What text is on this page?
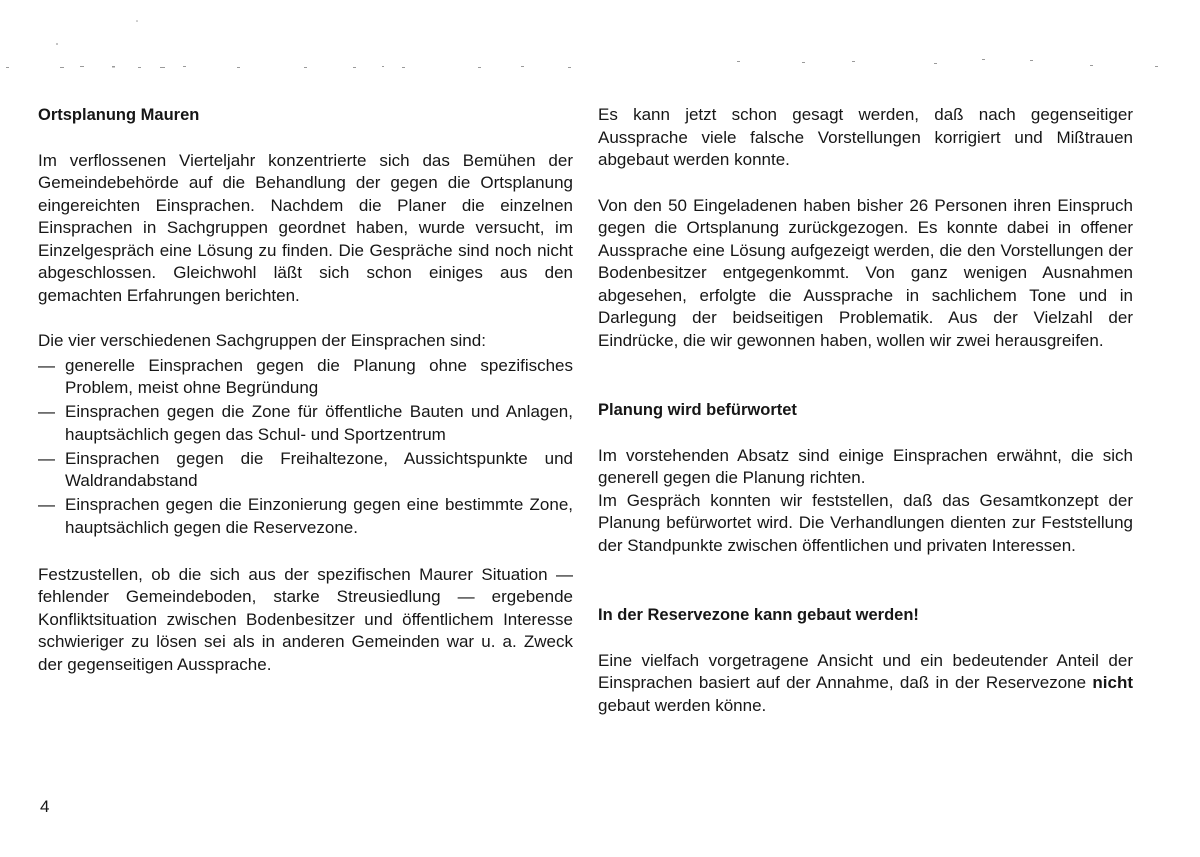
Ortsplanung Mauren

Im verflossenen Vierteljahr konzentrierte sich das Bemühen der Gemeindebehörde auf die Behandlung der gegen die Ortsplanung eingereichten Einsprachen. Nachdem die Planer die einzelnen Einsprachen in Sachgruppen geordnet haben, wurde versucht, im Einzelgespräch eine Lösung zu finden. Die Gespräche sind noch nicht abgeschlossen. Gleichwohl läßt sich schon einiges aus den gemachten Erfahrungen berichten.

Die vier verschiedenen Sachgruppen der Einsprachen sind:

— generelle Einsprachen gegen die Planung ohne spezifisches Problem, meist ohne Begründung
— Einsprachen gegen die Zone für öffentliche Bauten und Anlagen, hauptsächlich gegen das Schul- und Sportzentrum
— Einsprachen gegen die Freihaltezone, Aussichtspunkte und Waldrandabstand
— Einsprachen gegen die Einzonierung gegen eine bestimmte Zone, hauptsächlich gegen die Reservezone.

Festzustellen, ob die sich aus der spezifischen Maurer Situation — fehlender Gemeindeboden, starke Streusiedlung — ergebende Konfliktsituation zwischen Bodenbesitzer und öffentlichem Interesse schwieriger zu lösen sei als in anderen Gemeinden war u. a. Zweck der gegenseitigen Aussprache.

Es kann jetzt schon gesagt werden, daß nach gegenseitiger Aussprache viele falsche Vorstellungen korrigiert und Mißtrauen abgebaut werden konnte.

Von den 50 Eingeladenen haben bisher 26 Personen ihren Einspruch gegen die Ortsplanung zurückgezogen. Es konnte dabei in offener Aussprache eine Lösung aufgezeigt werden, die den Vorstellungen der Bodenbesitzer entgegenkommt. Von ganz wenigen Ausnahmen abgesehen, erfolgte die Aussprache in sachlichem Tone und in Darlegung der beidseitigen Problematik. Aus der Vielzahl der Eindrücke, die wir gewonnen haben, wollen wir zwei herausgreifen.

Planung wird befürwortet

Im vorstehenden Absatz sind einige Einsprachen erwähnt, die sich generell gegen die Planung richten.

Im Gespräch konnten wir feststellen, daß das Gesamtkonzept der Planung befürwortet wird. Die Verhandlungen dienten zur Feststellung der Standpunkte zwischen öffentlichen und privaten Interessen.

In der Reservezone kann gebaut werden!

Eine vielfach vorgetragene Ansicht und ein bedeutender Anteil der Einsprachen basiert auf der Annahme, daß in der Reservezone nicht gebaut werden könne.

4
